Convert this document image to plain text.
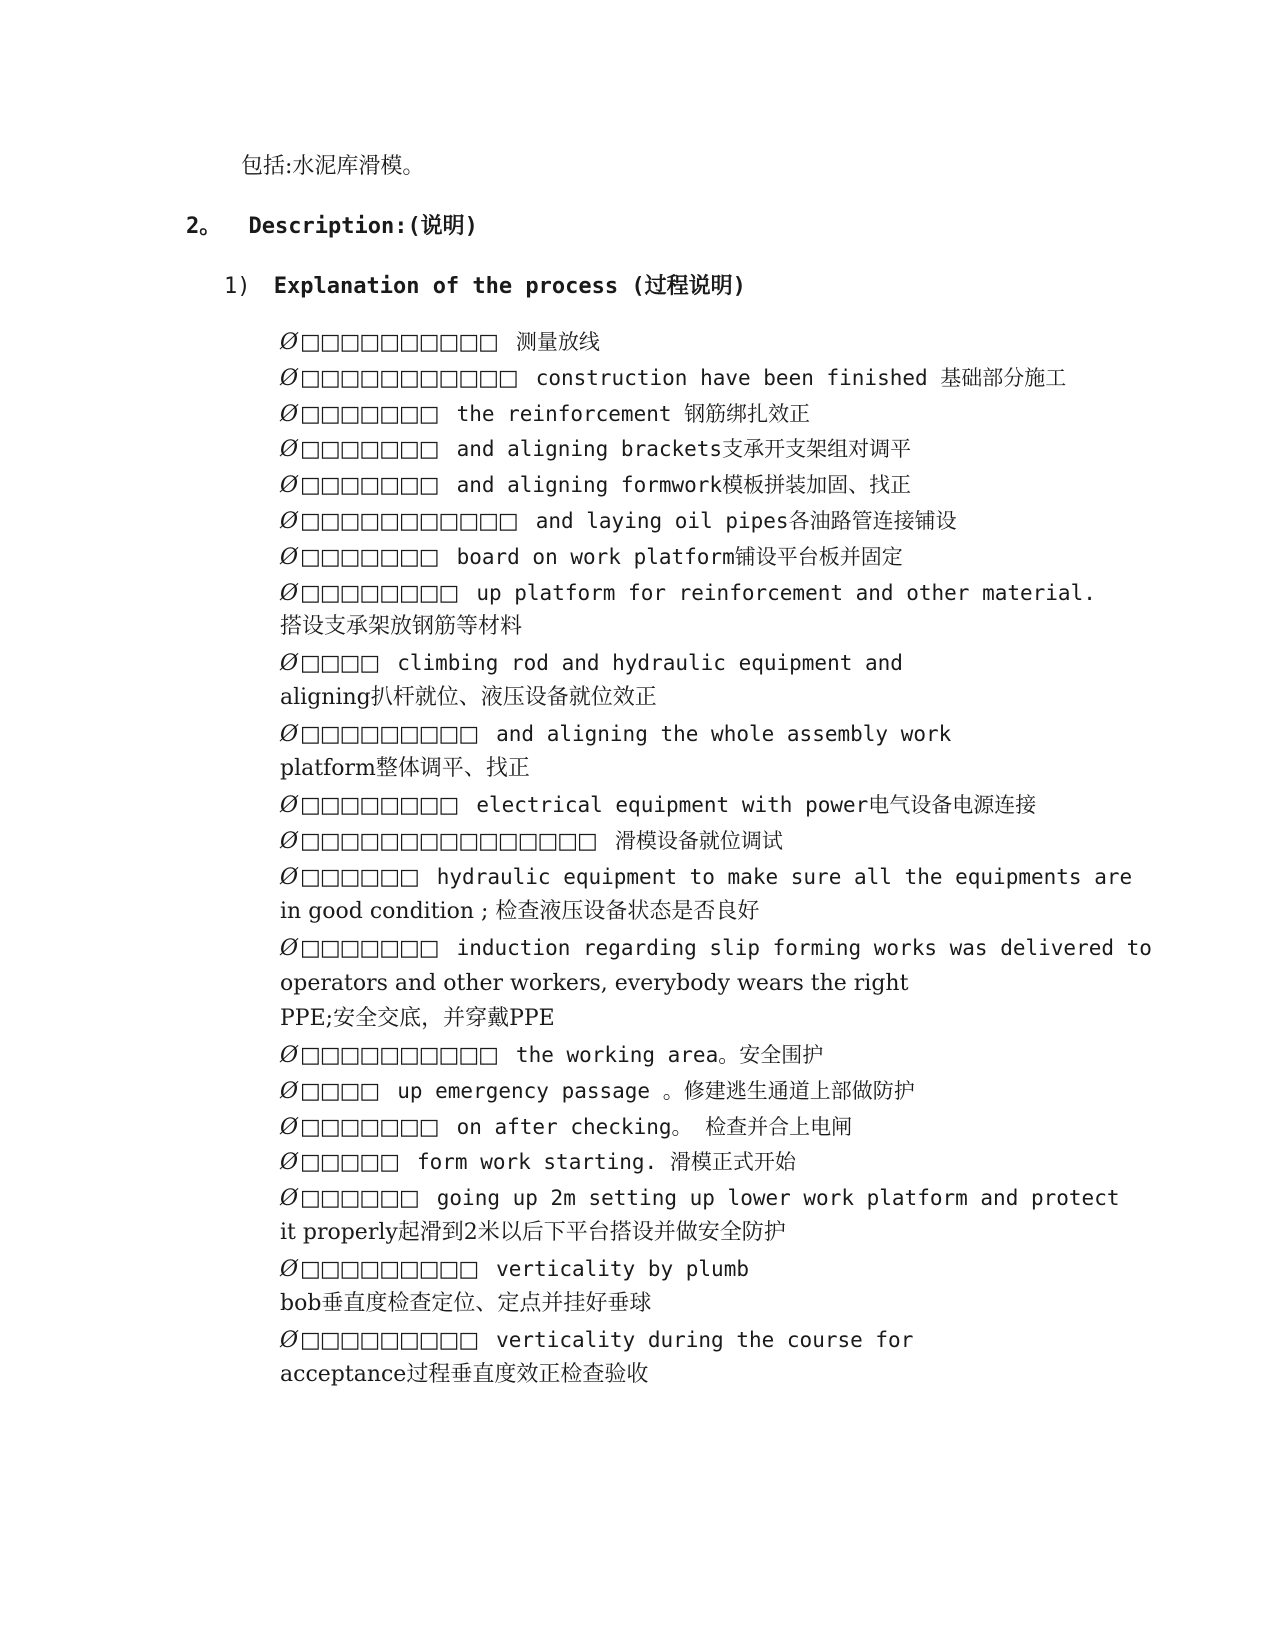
包括:水泥库滑模。
2。 Description:(说明)
1) Explanation of the process (过程说明)
Ø□□□□□□□□□□ 测量放线
Ø□□□□□□□□□□□ construction have been finished 基础部分施工
Ø□□□□□□□ the reinforcement 钢筋绑扎效正
Ø□□□□□□□ and aligning brackets支承开支架组对调平
Ø□□□□□□□ and aligning formwork模板拼装加固、找正
Ø□□□□□□□□□□□ and laying oil pipes各油路管连接铺设
Ø□□□□□□□ board on work platform铺设平台板并固定
Ø□□□□□□□□ up platform for reinforcement and other material.
搭设支承架放钢筋等材料
Ø□□□□ climbing rod and hydraulic equipment and
aligning扒杆就位、液压设备就位效正
Ø□□□□□□□□□ and aligning the whole assembly work
platform整体调平、找正
Ø□□□□□□□□ electrical equipment with power电气设备电源连接
Ø□□□□□□□□□□□□□□□ 滑模设备就位调试
Ø□□□□□□ hydraulic equipment to make sure all the equipments are
in good condition ; 检查液压设备状态是否良好
Ø□□□□□□□ induction regarding slip forming works was delivered to
operators and other workers, everybody wears the right
PPE;安全交底，并穿戴PPE
Ø□□□□□□□□□□ the working area。安全围护
Ø□□□□ up emergency passage 。修建逃生通道上部做防护
Ø□□□□□□□ on after checking。 检查并合上电闸
Ø□□□□□ form work starting. 滑模正式开始
Ø□□□□□□ going up 2m setting up lower work platform and protect
it properly起滑到2米以后下平台搭设并做安全防护
Ø□□□□□□□□□ verticality by plumb
bob垂直度检查定位、定点并挂好垂球
Ø□□□□□□□□□ verticality during the course for
acceptance过程垂直度效正检查验收
